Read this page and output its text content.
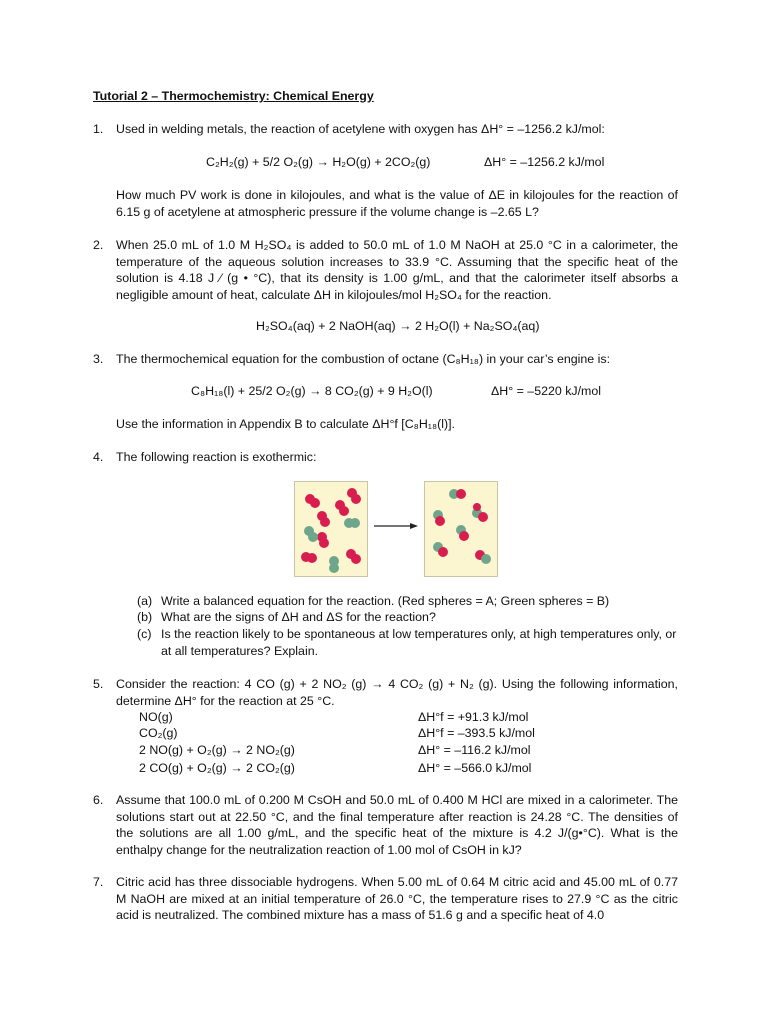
Tutorial 2 – Thermochemistry: Chemical Energy
1.	Used in welding metals, the reaction of acetylene with oxygen has ΔH° = –1256.2 kJ/mol:

C₂H₂(g) + 5/2 O₂(g) → H₂O(g) + 2CO₂(g)	ΔH° = –1256.2 kJ/mol

How much PV work is done in kilojoules, and what is the value of ΔE in kilojoules for the reaction of 6.15 g of acetylene at atmospheric pressure if the volume change is –2.65 L?

2.	When 25.0 mL of 1.0 M H₂SO₄ is added to 50.0 mL of 1.0 M NaOH at 25.0 °C in a calorimeter, the temperature of the aqueous solution increases to 33.9 °C. Assuming that the specific heat of the solution is 4.18 J ⁄ (g • °C), that its density is 1.00 g/mL, and that the calorimeter itself absorbs a negligible amount of heat, calculate ΔH in kilojoules/mol H₂SO₄ for the reaction.

H₂SO₄(aq) + 2 NaOH(aq) → 2 H₂O(l) + Na₂SO₄(aq)
3.	The thermochemical equation for the combustion of octane (C₈H₁₈) in your car’s engine is:

C₈H₁₈(l) + 25/2 O₂(g) → 8 CO₂(g) + 9 H₂O(l)	ΔH° = –5220 kJ/mol

Use the information in Appendix B to calculate ΔH°f [C₈H₁₈(l)].

4.	The following reaction is exothermic:

(a) Write a balanced equation for the reaction. (Red spheres = A; Green spheres = B)
(b) What are the signs of ΔH and ΔS for the reaction?
(c) Is the reaction likely to be spontaneous at low temperatures only, at high temperatures only, or at all temperatures? Explain.
5.	Consider the reaction: 4 CO (g) + 2 NO₂ (g) → 4 CO₂ (g) + N₂ (g). Using the following information, determine ΔH° for the reaction at 25 °C.

NO(g)	ΔH°f = +91.3 kJ/mol
CO₂(g)	ΔH°f = –393.5 kJ/mol
2 NO(g) + O₂(g) → 2 NO₂(g)	ΔH° = –116.2 kJ/mol
2 CO(g) + O₂(g) → 2 CO₂(g)	ΔH° = –566.0 kJ/mol
6.	Assume that 100.0 mL of 0.200 M CsOH and 50.0 mL of 0.400 M HCl are mixed in a calorimeter. The solutions start out at 22.50 °C, and the final temperature after reaction is 24.28 °C. The densities of the solutions are all 1.00 g/mL, and the specific heat of the mixture is 4.2 J/(g•°C). What is the enthalpy change for the neutralization reaction of 1.00 mol of CsOH in kJ?

7.	Citric acid has three dissociable hydrogens. When 5.00 mL of 0.64 M citric acid and 45.00 mL of 0.77 M NaOH are mixed at an initial temperature of 26.0 °C, the temperature rises to 27.9 °C as the citric acid is neutralized. The combined mixture has a mass of 51.6 g and a specific heat of 4.0
